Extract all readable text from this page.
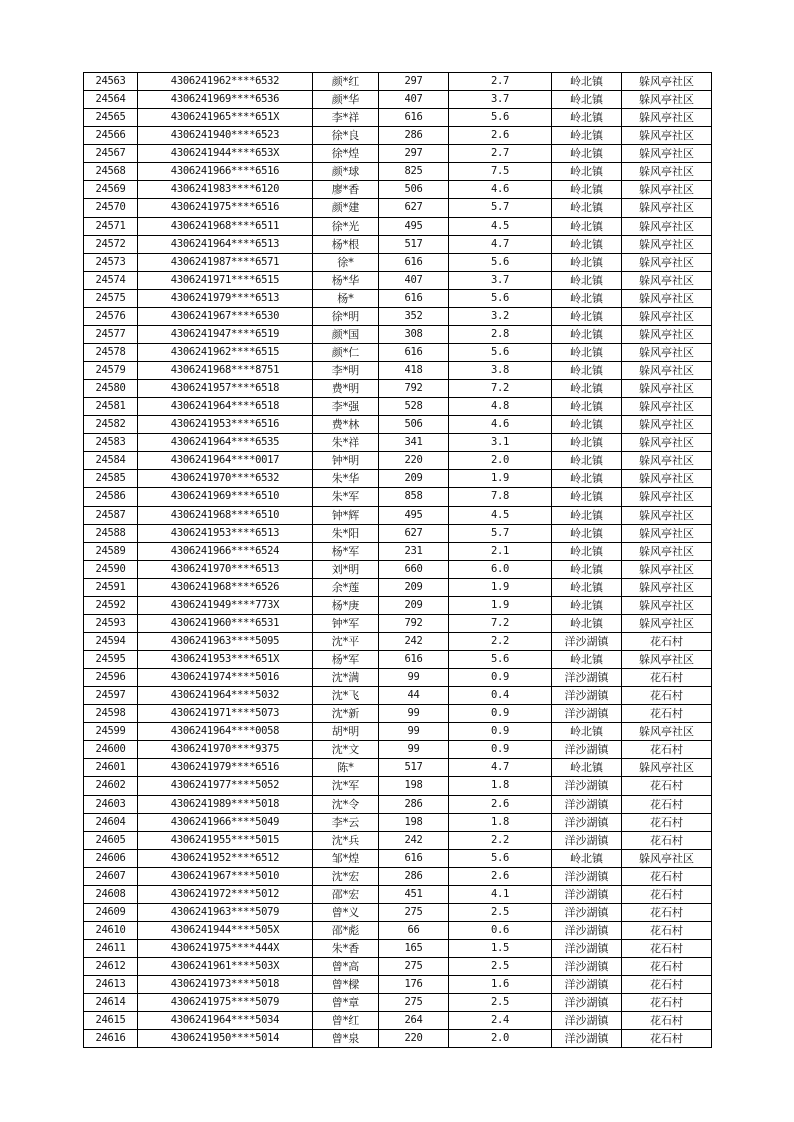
24563	4306241962****6532	颜*红	297	2.7	岭北镇	躲风亭社区
24564	4306241969****6536	颜*华	407	3.7	岭北镇	躲风亭社区
24565	4306241965****651X	李*祥	616	5.6	岭北镇	躲风亭社区
24566	4306241940****6523	徐*良	286	2.6	岭北镇	躲风亭社区
24567	4306241944****653X	徐*煌	297	2.7	岭北镇	躲风亭社区
24568	4306241966****6516	颜*球	825	7.5	岭北镇	躲风亭社区
24569	4306241983****6120	廖*香	506	4.6	岭北镇	躲风亭社区
24570	4306241975****6516	颜*建	627	5.7	岭北镇	躲风亭社区
24571	4306241968****6511	徐*光	495	4.5	岭北镇	躲风亭社区
24572	4306241964****6513	杨*根	517	4.7	岭北镇	躲风亭社区
24573	4306241987****6571	徐*	616	5.6	岭北镇	躲风亭社区
24574	4306241971****6515	杨*华	407	3.7	岭北镇	躲风亭社区
24575	4306241979****6513	杨*	616	5.6	岭北镇	躲风亭社区
24576	4306241967****6530	徐*明	352	3.2	岭北镇	躲风亭社区
24577	4306241947****6519	颜*国	308	2.8	岭北镇	躲风亭社区
24578	4306241962****6515	颜*仁	616	5.6	岭北镇	躲风亭社区
24579	4306241968****8751	李*明	418	3.8	岭北镇	躲风亭社区
24580	4306241957****6518	费*明	792	7.2	岭北镇	躲风亭社区
24581	4306241964****6518	李*强	528	4.8	岭北镇	躲风亭社区
24582	4306241953****6516	费*林	506	4.6	岭北镇	躲风亭社区
24583	4306241964****6535	朱*祥	341	3.1	岭北镇	躲风亭社区
24584	4306241964****0017	钟*明	220	2.0	岭北镇	躲风亭社区
24585	4306241970****6532	朱*华	209	1.9	岭北镇	躲风亭社区
24586	4306241969****6510	朱*军	858	7.8	岭北镇	躲风亭社区
24587	4306241968****6510	钟*辉	495	4.5	岭北镇	躲风亭社区
24588	4306241953****6513	朱*阳	627	5.7	岭北镇	躲风亭社区
24589	4306241966****6524	杨*军	231	2.1	岭北镇	躲风亭社区
24590	4306241970****6513	刘*明	660	6.0	岭北镇	躲风亭社区
24591	4306241968****6526	余*莲	209	1.9	岭北镇	躲风亭社区
24592	4306241949****773X	杨*庚	209	1.9	岭北镇	躲风亭社区
24593	4306241960****6531	钟*军	792	7.2	岭北镇	躲风亭社区
24594	4306241963****5095	沈*平	242	2.2	洋沙湖镇	花石村
24595	4306241953****651X	杨*军	616	5.6	岭北镇	躲风亭社区
24596	4306241974****5016	沈*满	99	0.9	洋沙湖镇	花石村
24597	4306241964****5032	沈*飞	44	0.4	洋沙湖镇	花石村
24598	4306241971****5073	沈*新	99	0.9	洋沙湖镇	花石村
24599	4306241964****0058	胡*明	99	0.9	岭北镇	躲风亭社区
24600	4306241970****9375	沈*文	99	0.9	洋沙湖镇	花石村
24601	4306241979****6516	陈*	517	4.7	岭北镇	躲风亭社区
24602	4306241977****5052	沈*军	198	1.8	洋沙湖镇	花石村
24603	4306241989****5018	沈*令	286	2.6	洋沙湖镇	花石村
24604	4306241966****5049	李*云	198	1.8	洋沙湖镇	花石村
24605	4306241955****5015	沈*兵	242	2.2	洋沙湖镇	花石村
24606	4306241952****6512	邹*煌	616	5.6	岭北镇	躲风亭社区
24607	4306241967****5010	沈*宏	286	2.6	洋沙湖镇	花石村
24608	4306241972****5012	邵*宏	451	4.1	洋沙湖镇	花石村
24609	4306241963****5079	曾*义	275	2.5	洋沙湖镇	花石村
24610	4306241944****505X	邵*彪	66	0.6	洋沙湖镇	花石村
24611	4306241975****444X	朱*香	165	1.5	洋沙湖镇	花石村
24612	4306241961****503X	曾*高	275	2.5	洋沙湖镇	花石村
24613	4306241973****5018	曾*樑	176	1.6	洋沙湖镇	花石村
24614	4306241975****5079	曾*章	275	2.5	洋沙湖镇	花石村
24615	4306241964****5034	曾*红	264	2.4	洋沙湖镇	花石村
24616	4306241950****5014	曾*泉	220	2.0	洋沙湖镇	花石村
